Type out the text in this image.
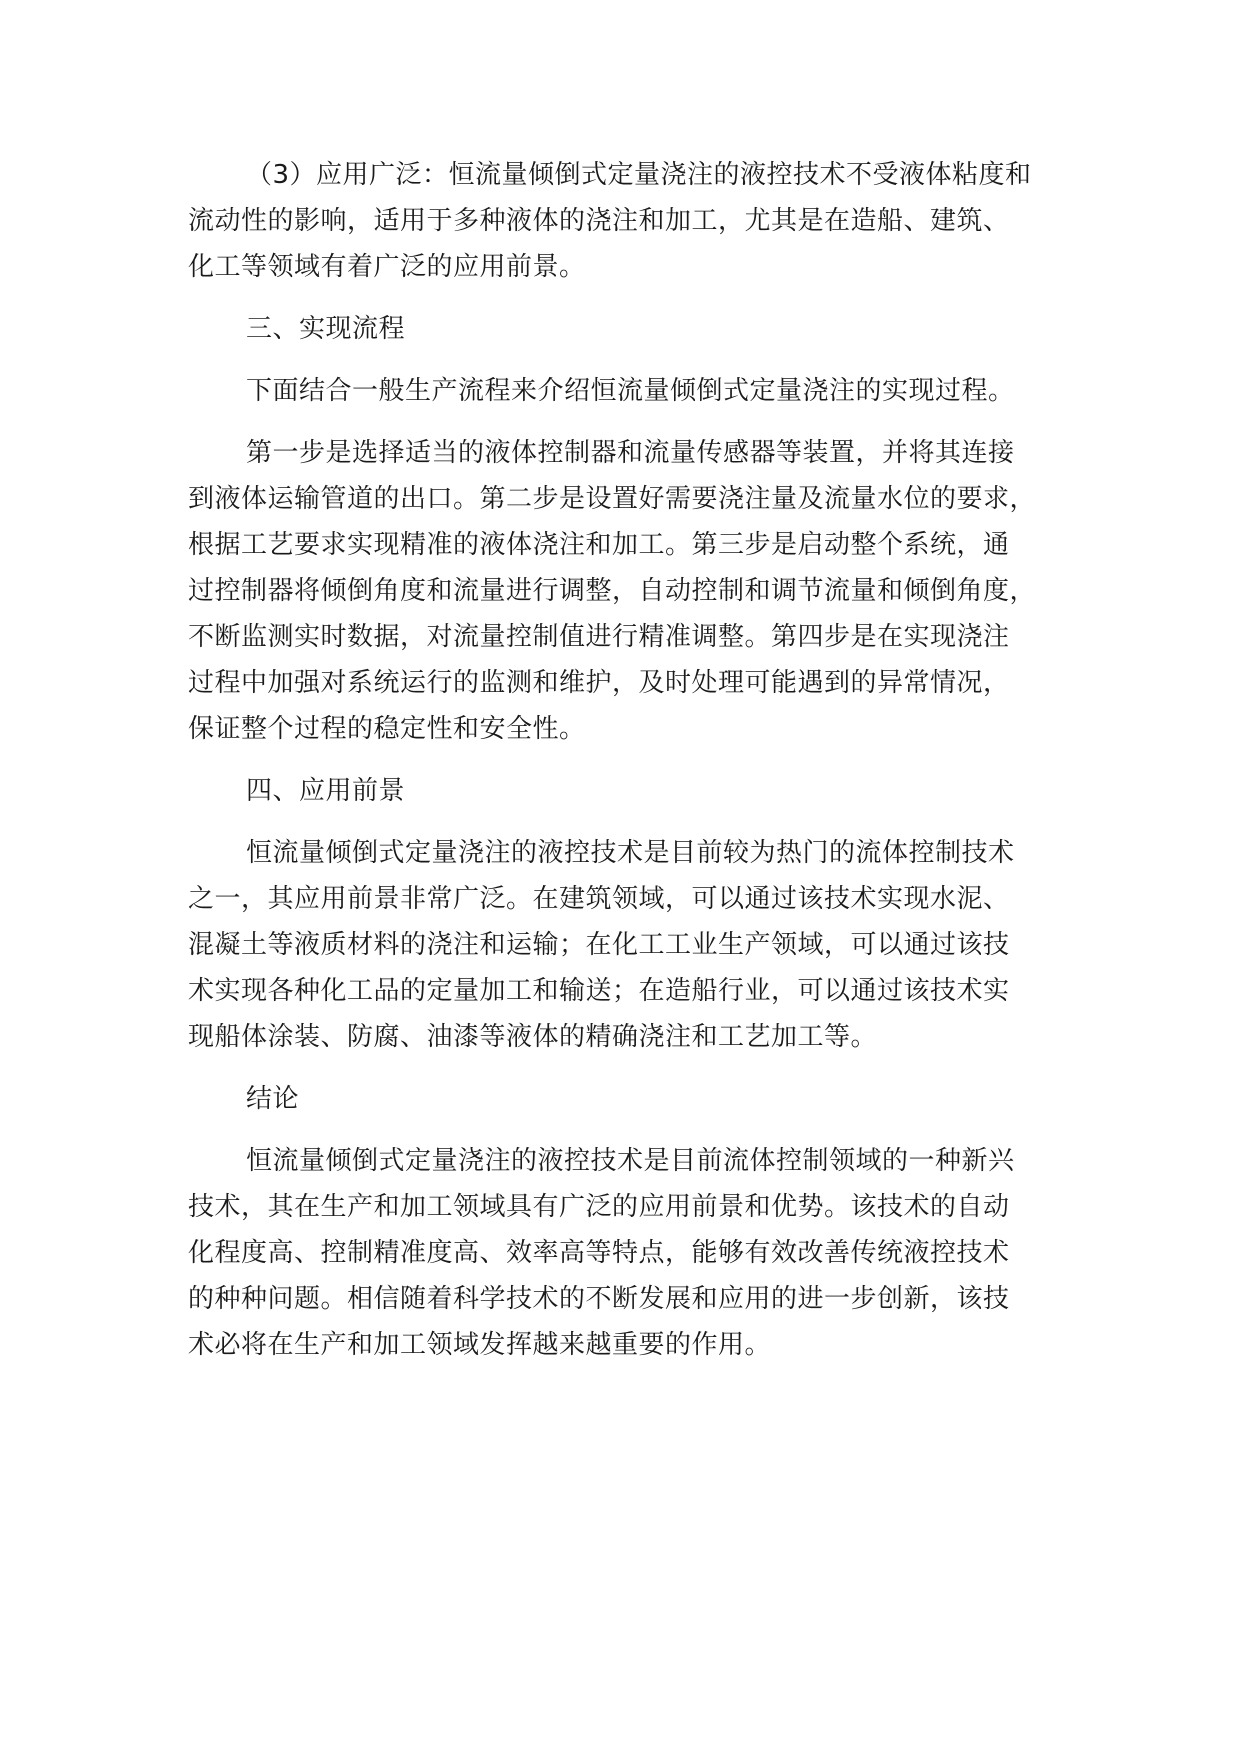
（3）应用广泛：恒流量倾倒式定量浇注的液控技术不受液体粘度和
流动性的影响，适用于多种液体的浇注和加工，尤其是在造船、建筑、
化工等领域有着广泛的应用前景。
三、实现流程
下面结合一般生产流程来介绍恒流量倾倒式定量浇注的实现过程。
第一步是选择适当的液体控制器和流量传感器等装置，并将其连接
到液体运输管道的出口。第二步是设置好需要浇注量及流量水位的要求，
根据工艺要求实现精准的液体浇注和加工。第三步是启动整个系统，通
过控制器将倾倒角度和流量进行调整，自动控制和调节流量和倾倒角度，
不断监测实时数据，对流量控制值进行精准调整。第四步是在实现浇注
过程中加强对系统运行的监测和维护，及时处理可能遇到的异常情况，
保证整个过程的稳定性和安全性。
四、应用前景
恒流量倾倒式定量浇注的液控技术是目前较为热门的流体控制技术
之一，其应用前景非常广泛。在建筑领域，可以通过该技术实现水泥、
混凝土等液质材料的浇注和运输；在化工工业生产领域，可以通过该技
术实现各种化工品的定量加工和输送；在造船行业，可以通过该技术实
现船体涂装、防腐、油漆等液体的精确浇注和工艺加工等。
结论
恒流量倾倒式定量浇注的液控技术是目前流体控制领域的一种新兴
技术，其在生产和加工领域具有广泛的应用前景和优势。该技术的自动
化程度高、控制精准度高、效率高等特点，能够有效改善传统液控技术
的种种问题。相信随着科学技术的不断发展和应用的进一步创新，该技
术必将在生产和加工领域发挥越来越重要的作用。
